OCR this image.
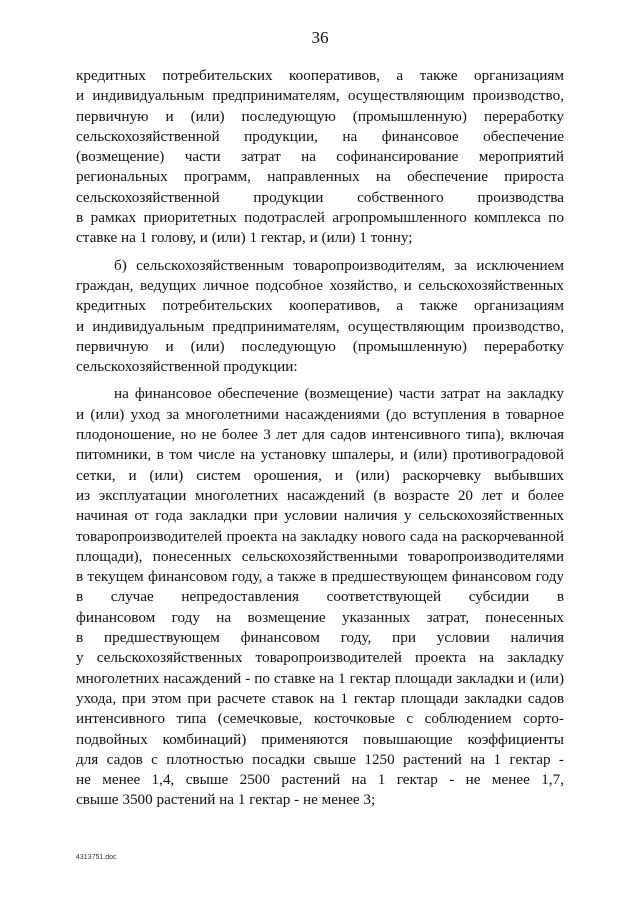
36
кредитных потребительских кооперативов, а также организациям
и индивидуальным предпринимателям, осуществляющим производство,
первичную и (или) последующую (промышленную) переработку
сельскохозяйственной продукции, на финансовое обеспечение
(возмещение) части затрат на софинансирование мероприятий
региональных программ, направленных на обеспечение прироста
сельскохозяйственной продукции собственного производства
в рамках приоритетных подотраслей агропромышленного комплекса по
ставке на 1 голову, и (или) 1 гектар, и (или) 1 тонну;
б) сельскохозяйственным товаропроизводителям, за исключением
граждан, ведущих личное подсобное хозяйство, и сельскохозяйственных
кредитных потребительских кооперативов, а также организациям
и индивидуальным предпринимателям, осуществляющим производство,
первичную и (или) последующую (промышленную) переработку
сельскохозяйственной продукции:
на финансовое обеспечение (возмещение) части затрат на закладку
и (или) уход за многолетними насаждениями (до вступления в товарное
плодоношение, но не более 3 лет для садов интенсивного типа), включая
питомники, в том числе на установку шпалеры, и (или) противоградовой
сетки, и (или) систем орошения, и (или) раскорчевку выбывших
из эксплуатации многолетних насаждений (в возрасте 20 лет и более
начиная от года закладки при условии наличия у сельскохозяйственных
товаропроизводителей проекта на закладку нового сада на раскорчеванной
площади), понесенных сельскохозяйственными товаропроизводителями
в текущем финансовом году, а также в предшествующем финансовом году
в случае непредоставления соответствующей субсидии в
финансовом году на возмещение указанных затрат, понесенных
в предшествующем финансовом году, при условии наличия
у сельскохозяйственных товаропроизводителей проекта на закладку
многолетних насаждений - по ставке на 1 гектар площади закладки и (или)
ухода, при этом при расчете ставок на 1 гектар площади закладки садов
интенсивного типа (семечковые, косточковые с соблюдением сорто-
подвойных комбинаций) применяются повышающие коэффициенты
для садов с плотностью посадки свыше 1250 растений на 1 гектар -
не менее 1,4, свыше 2500 растений на 1 гектар - не менее 1,7,
свыше 3500 растений на 1 гектар - не менее 3;
4313751.doc
